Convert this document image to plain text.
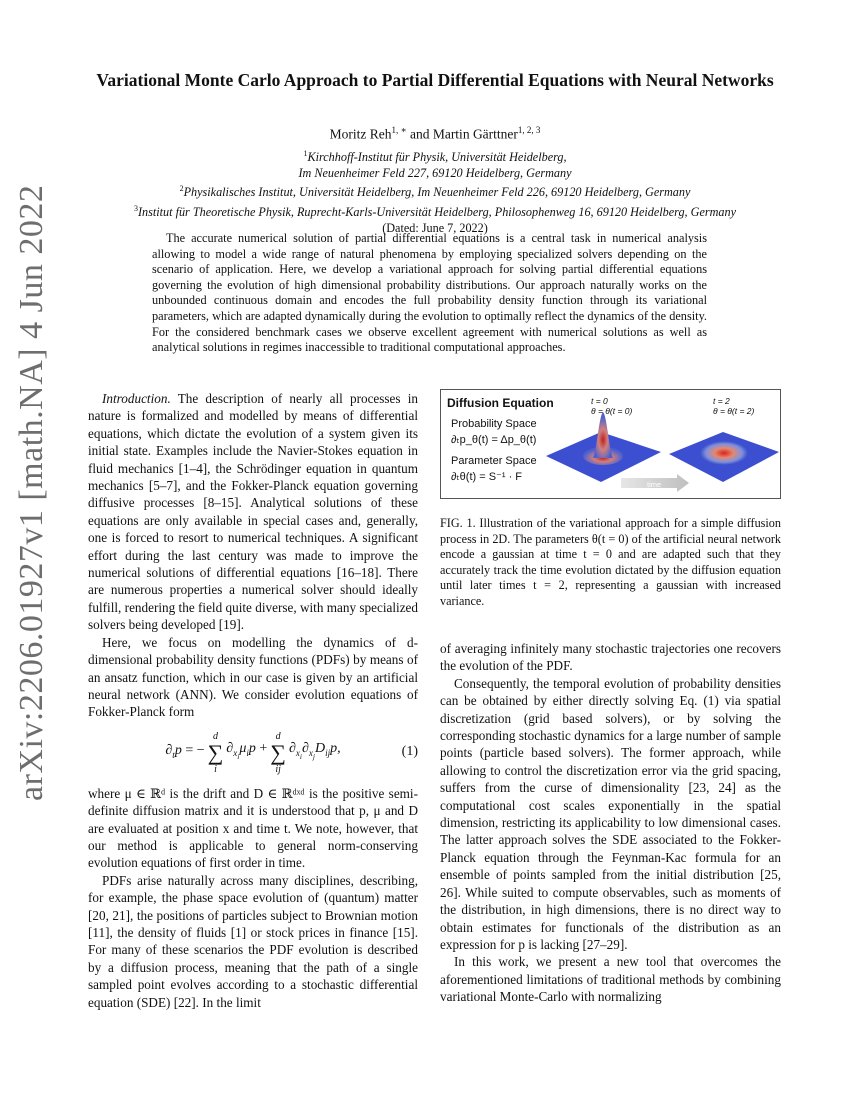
arXiv:2206.01927v1 [math.NA] 4 Jun 2022
Variational Monte Carlo Approach to Partial Differential Equations with Neural Networks
Moritz Reh$^{1, ∗}$ and Martin Gärttner$^{1, 2, 3}$
$^1$Kirchhoff-Institut für Physik, Universität Heidelberg,
Im Neuenheimer Feld 227, 69120 Heidelberg, Germany
$^2$Physikalisches Institut, Universität Heidelberg, Im Neuenheimer Feld 226, 69120 Heidelberg, Germany
$^3$Institut für Theoretische Physik, Ruprecht-Karls-Universität Heidelberg, Philosophenweg 16, 69120 Heidelberg, Germany
(Dated: June 7, 2022)
The accurate numerical solution of partial differential equations is a central task in numerical analysis allowing to model a wide range of natural phenomena by employing specialized solvers depending on the scenario of application. Here, we develop a variational approach for solving partial differential equations governing the evolution of high dimensional probability distributions. Our approach naturally works on the unbounded continuous domain and encodes the full probability density function through its variational parameters, which are adapted dynamically during the evolution to optimally reflect the dynamics of the density. For the considered benchmark cases we observe excellent agreement with numerical solutions as well as analytical solutions in regimes inaccessible to traditional computational approaches.

Introduction. The description of nearly all processes in nature is formalized and modelled by means of differential equations, which dictate the evolution of a system given its initial state. Examples include the Navier-Stokes equation in fluid mechanics [1–4], the Schrödinger equation in quantum mechanics [5–7], and the Fokker-Planck equation governing diffusive processes [8–15]. Analytical solutions of these equations are only available in special cases and, generally, one is forced to resort to numerical techniques. A significant effort during the last century was made to improve the numerical solutions of differential equations [16–18]. There are numerous properties a numerical solver should ideally fulfill, rendering the field quite diverse, with many specialized solvers being developed [19].

Here, we focus on modelling the dynamics of d-dimensional probability density functions (PDFs) by means of an ansatz function, which in our case is given by an artificial neural network (ANN). We consider evolution equations of Fokker-Planck form

$\partial_tp$ = −
d
∑
i
$\partial_{x_i}\mu_ip$ +
d
∑
ij
$\partial_{x_i}\partial_{x_j}D_{ij}p$,	(1)

where μ ∈ ℝᵈ is the drift and D ∈ ℝᵈˣᵈ is the positive semi-definite diffusion matrix and it is understood that p, μ and D are evaluated at position x and time t. We note, however, that our method is applicable to general norm-conserving evolution equations of first order in time.

PDFs arise naturally across many disciplines, describing, for example, the phase space evolution of (quantum) matter [20, 21], the positions of particles subject to Brownian motion [11], the density of fluids [1] or stock prices in finance [15]. For many of these scenarios the PDF evolution is described by a diffusion process, meaning that the path of a single sampled point evolves according to a stochastic differential equation (SDE) [22]. In the limit

Diffusion Equation
Probability Space
∂ₜp_θ(t) = Δp_θ(t)
Parameter Space
∂ₜθ(t) = S⁻¹ · F
t = 0
θ = θ(t = 0)
t = 2
θ = θ(t = 2)
time
FIG. 1. Illustration of the variational approach for a simple diffusion process in 2D. The parameters θ(t = 0) of the artificial neural network encode a gaussian at time t = 0 and are adapted such that they accurately track the time evolution dictated by the diffusion equation until later times t = 2, representing a gaussian with increased variance.

of averaging infinitely many stochastic trajectories one recovers the evolution of the PDF.

Consequently, the temporal evolution of probability densities can be obtained by either directly solving Eq. (1) via spatial discretization (grid based solvers), or by solving the corresponding stochastic dynamics for a large number of sample points (particle based solvers). The former approach, while allowing to control the discretization error via the grid spacing, suffers from the curse of dimensionality [23, 24] as the computational cost scales exponentially in the spatial dimension, restricting its applicability to low dimensional cases. The latter approach solves the SDE associated to the Fokker-Planck equation through the Feynman-Kac formula for an ensemble of points sampled from the initial distribution [25, 26]. While suited to compute observables, such as moments of the distribution, in high dimensions, there is no direct way to obtain estimates for functionals of the distribution as an expression for p is lacking [27–29].

In this work, we present a new tool that overcomes the aforementioned limitations of traditional methods by combining variational Monte-Carlo with normalizing
